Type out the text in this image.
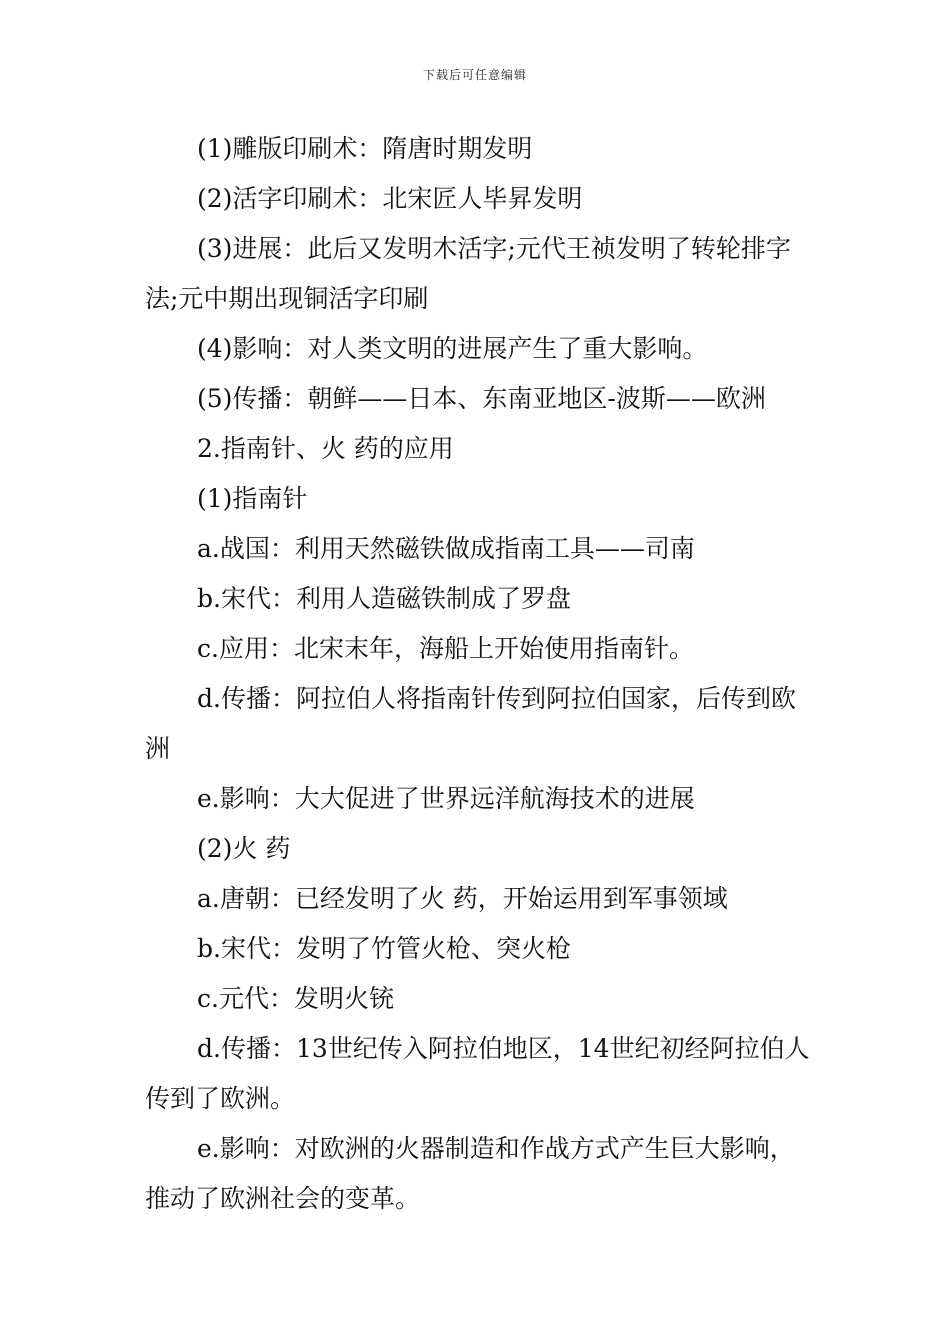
下载后可任意编辑

(1)雕版印刷术：隋唐时期发明

(2)活字印刷术：北宋匠人毕昇发明

(3)进展：此后又发明木活字;元代王祯发明了转轮排字法;元中期出现铜活字印刷

(4)影响：对人类文明的进展产生了重大影响。

(5)传播：朝鲜——日本、东南亚地区-波斯——欧洲

2.指南针、火 药的应用

(1)指南针

a.战国：利用天然磁铁做成指南工具——司南

b.宋代：利用人造磁铁制成了罗盘

c.应用：北宋末年，海船上开始使用指南针。

d.传播：阿拉伯人将指南针传到阿拉伯国家，后传到欧洲

e.影响：大大促进了世界远洋航海技术的进展

(2)火 药

a.唐朝：已经发明了火 药，开始运用到军事领域

b.宋代：发明了竹管火枪、突火枪

c.元代：发明火铳

d.传播：13世纪传入阿拉伯地区，14世纪初经阿拉伯人传到了欧洲。

e.影响：对欧洲的火器制造和作战方式产生巨大影响，推动了欧洲社会的变革。
